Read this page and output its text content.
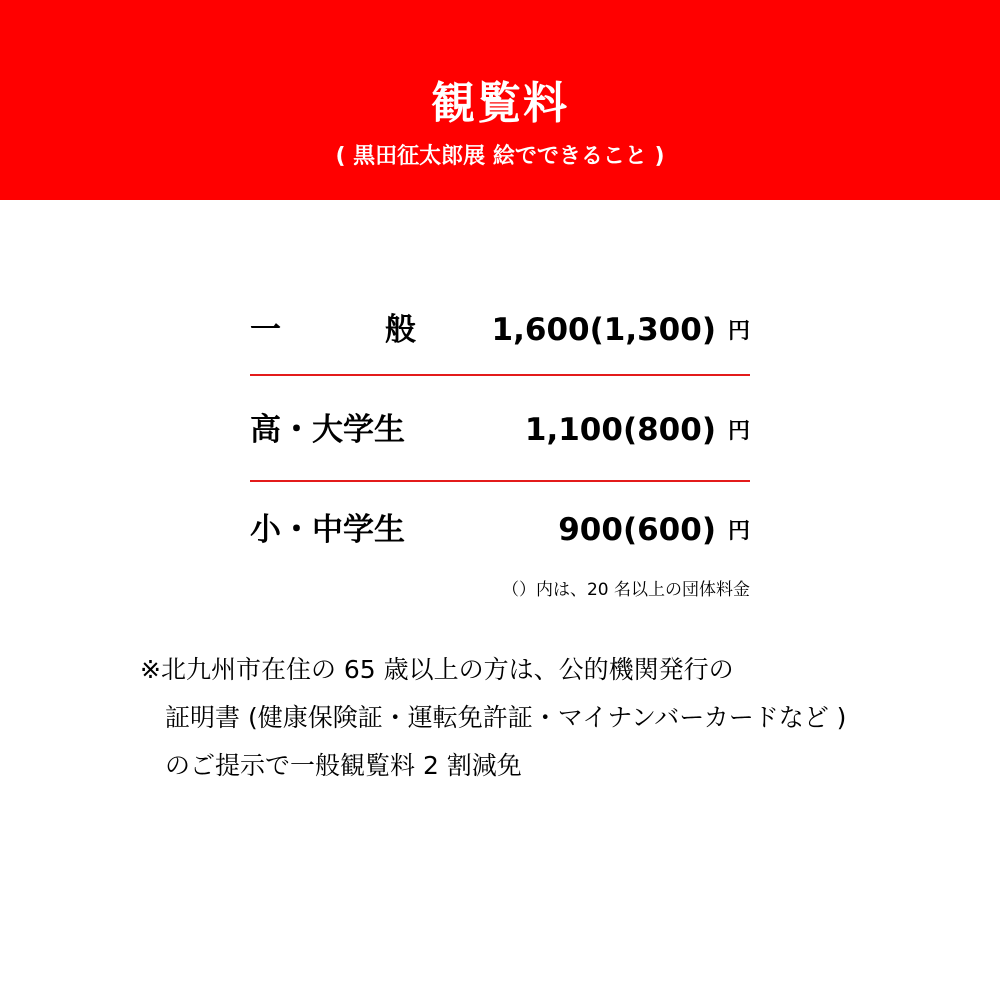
観覧料
( 黒田征太郎展 絵でできること )
一	般 1,600(1,300) 円
高・大学生	1,100(800) 円
小・中学生	900(600) 円
（）内は、20 名以上の団体料金
※北九州市在住の 65 歳以上の方は、公的機関発行の
証明書 (健康保険証・運転免許証・マイナンバーカードなど )
のご提示で一般観覧料 2 割減免
